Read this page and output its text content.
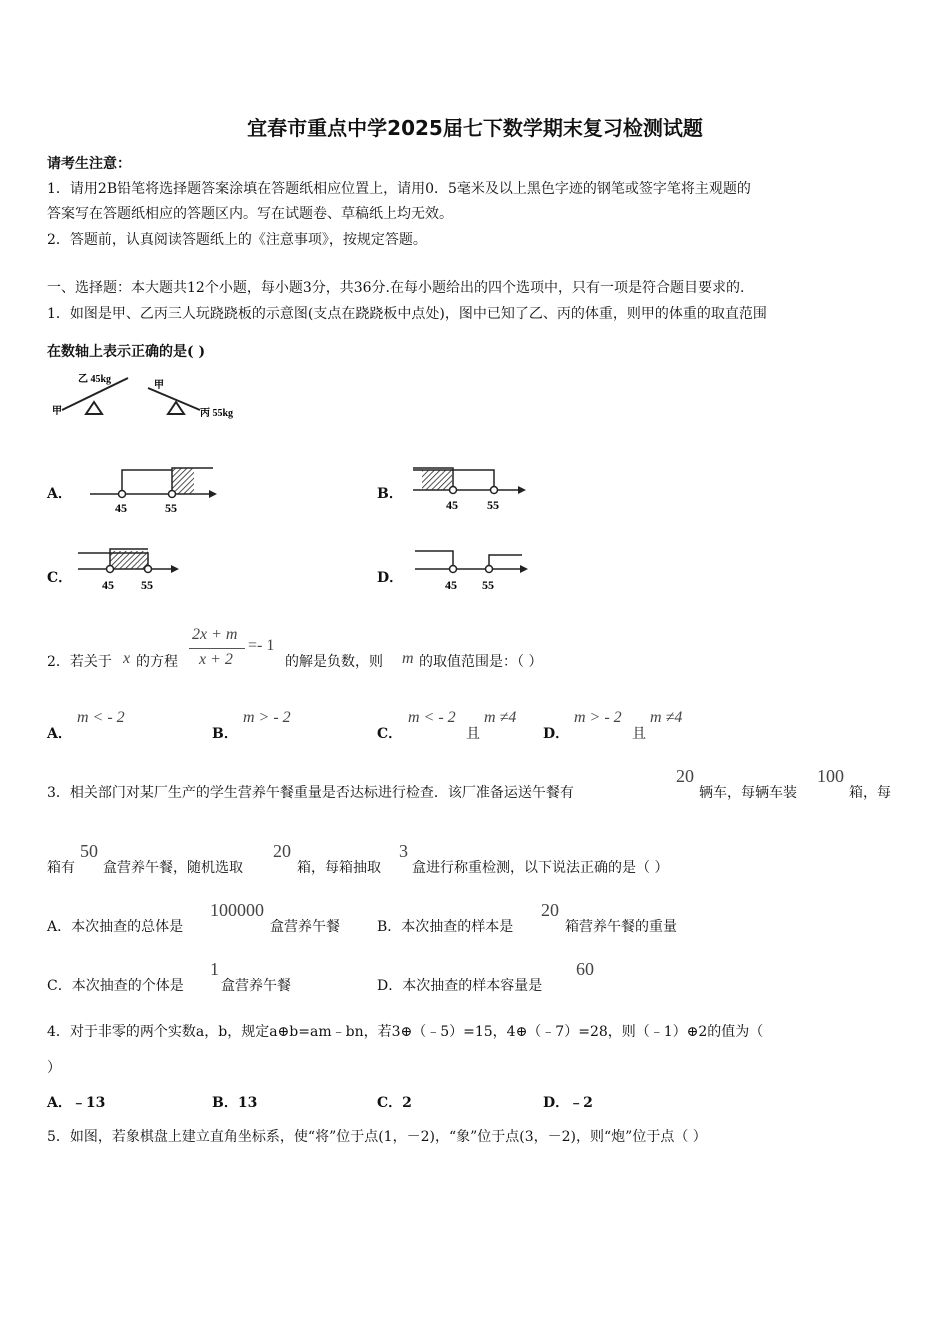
宜春市重点中学2025届七下数学期末复习检测试题
请考生注意：
1．请用2B铅笔将选择题答案涂填在答题纸相应位置上，请用0．5毫米及以上黑色字迹的钢笔或签字笔将主观题的
答案写在答题纸相应的答题区内。写在试题卷、草稿纸上均无效。
2．答题前，认真阅读答题纸上的《注意事项》，按规定答题。
一、选择题：本大题共12个小题，每小题3分，共36分.在每小题给出的四个选项中，只有一项是符合题目要求的.
1．如图是甲、乙丙三人玩跷跷板的示意图(支点在跷跷板中点处)，图中已知了乙、丙的体重，则甲的体重的取直范围
在数轴上表示正确的是( )
乙 45kg
甲
甲
丙 55kg
A．
45	55
B．
45 55
C． 45 55	D．	45 55
2．若关于 x 的方程
2x + m
x + 2
=- 1
的解是负数，则 m 的取值范围是：（ ）
A．
m < - 2
B．
m > - 2
C．
m < - 2
且
m ≠4
D．
m > - 2
且
m ≠4
3．相关部门对某厂生产的学生营养午餐重量是否达标进行检查．该厂准备运送午餐有
20
辆车，每辆车装
100
箱，每
箱有
50
盒营养午餐，随机选取
20
箱，每箱抽取
3
盒进行称重检测，以下说法正确的是（ ）
A．本次抽查的总体是
100000
盒营养午餐	B．本次抽查的样本是
20
箱营养午餐的重量
C．本次抽查的个体是
1
盒营养午餐	D．本次抽查的样本容量是
60
4．对于非零的两个实数a，b，规定a⊕b=am﹣bn，若3⊕（﹣5）=15，4⊕（﹣7）=28，则（﹣1）⊕2的值为（
）
A．﹣13	B．13	C．2	D．﹣2
5．如图，若象棋盘上建立直角坐标系，使“将”位于点(1，－2)，“象”位于点(3，－2)，则“炮”位于点（ ）
